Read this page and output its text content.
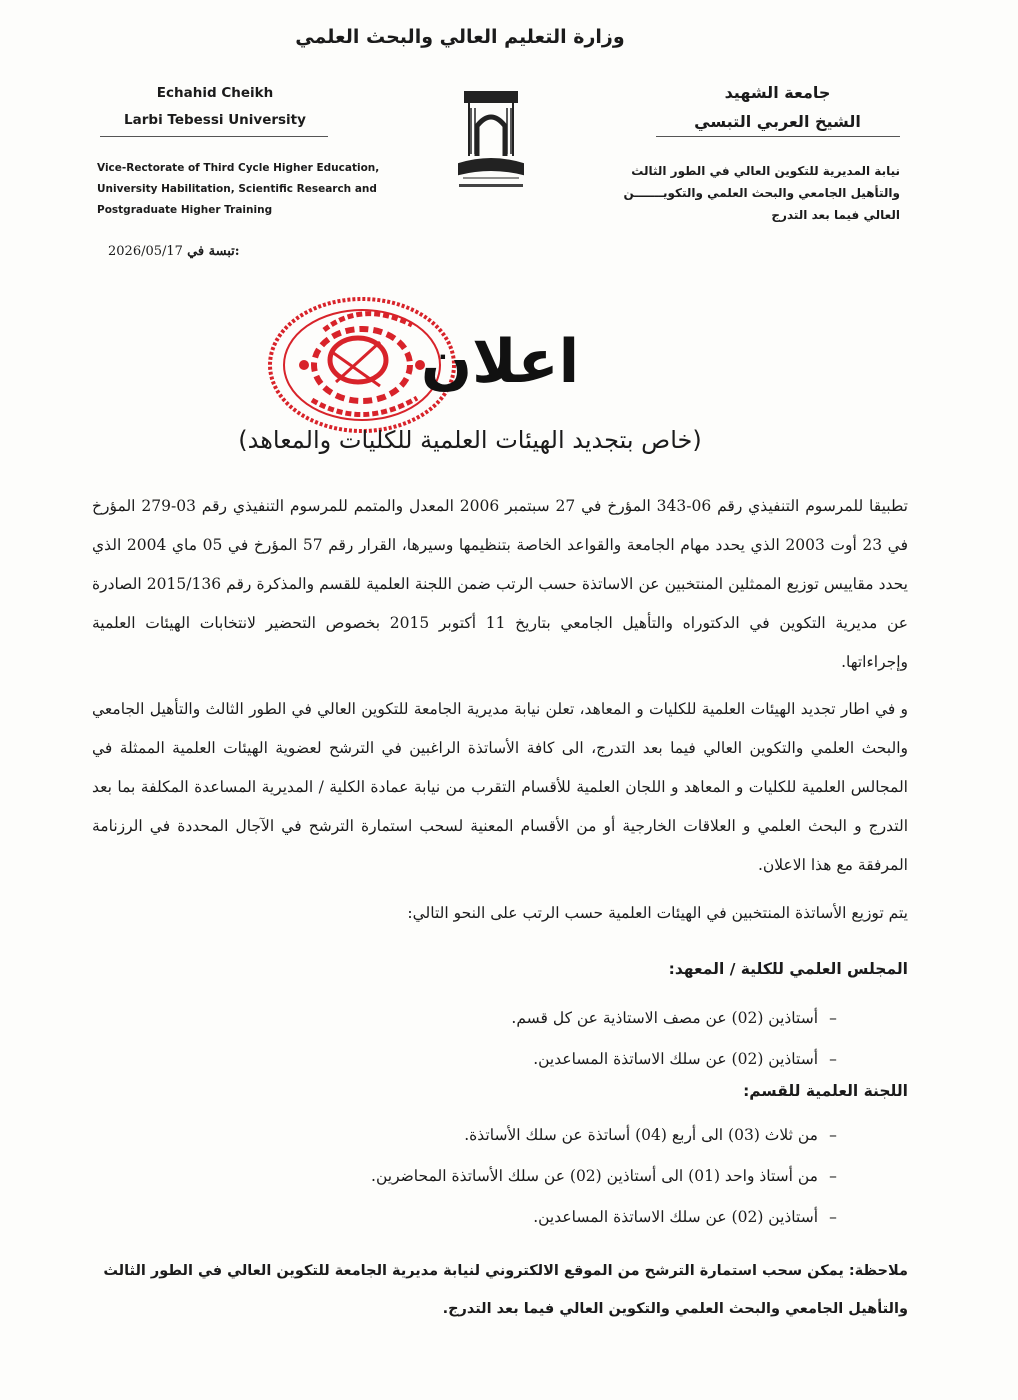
وزارة التعليم العالي والبحث العلمي
Echahid Cheikh
Larbi Tebessi University
جامعة الشهيد
الشيخ العربي التبسي
Vice-Rectorate of Third Cycle Higher Education,
University Habilitation, Scientific Research and
Postgraduate Higher Training
نيابة المديرية للتكوين العالي في الطور الثالث
والتأهيل الجامعي والبحث العلمي والتكويـــــــن
العالي فيما بعد التدرج
2026/05/17 تبسة في:
اعلان
(خاص بتجديد الهيئات العلمية للكليات والمعاهد)
تطبيقا للمرسوم التنفيذي رقم 06-343 المؤرخ في 27 سبتمبر 2006 المعدل والمتمم للمرسوم التنفيذي رقم 03-279 المؤرخ في 23 أوت 2003 الذي يحدد مهام الجامعة والقواعد الخاصة بتنظيمها وسيرها، القرار رقم 57 المؤرخ في 05 ماي 2004 الذي يحدد مقاييس توزيع الممثلين المنتخبين عن الاساتذة حسب الرتب ضمن اللجنة العلمية للقسم والمذكرة رقم 2015/136 الصادرة عن مديرية التكوين في الدكتوراه والتأهيل الجامعي بتاريخ 11 أكتوبر 2015 بخصوص التحضير لانتخابات الهيئات العلمية وإجراءاتها.
و في اطار تجديد الهيئات العلمية للكليات و المعاهد، تعلن نيابة مديرية الجامعة للتكوين العالي في الطور الثالث والتأهيل الجامعي والبحث العلمي والتكوين العالي فيما بعد التدرج، الى كافة الأساتذة الراغبين في الترشح لعضوية الهيئات العلمية الممثلة في المجالس العلمية للكليات و المعاهد و اللجان العلمية للأقسام التقرب من نيابة عمادة الكلية / المديرية المساعدة المكلفة بما بعد التدرج و البحث العلمي و العلاقات الخارجية أو من الأقسام المعنية لسحب استمارة الترشح في الآجال المحددة في الرزنامة المرفقة مع هذا الاعلان.
يتم توزيع الأساتذة المنتخبين في الهيئات العلمية حسب الرتب على النحو التالي:
المجلس العلمي للكلية / المعهد:
–أستاذين (02) عن مصف الاستاذية عن كل قسم.
–أستاذين (02) عن سلك الاساتذة المساعدين.
اللجنة العلمية للقسم:
–من ثلاث (03) الى أربع (04) أساتذة عن سلك الأساتذة.
–من أستاذ واحد (01) الى أستاذين (02) عن سلك الأساتذة المحاضرين.
–أستاذين (02) عن سلك الاساتذة المساعدين.
ملاحظة: يمكن سحب استمارة الترشح من الموقع الالكتروني لنيابة مديرية الجامعة للتكوين العالي في الطور الثالث والتأهيل الجامعي والبحث العلمي والتكوين العالي فيما بعد التدرج.
